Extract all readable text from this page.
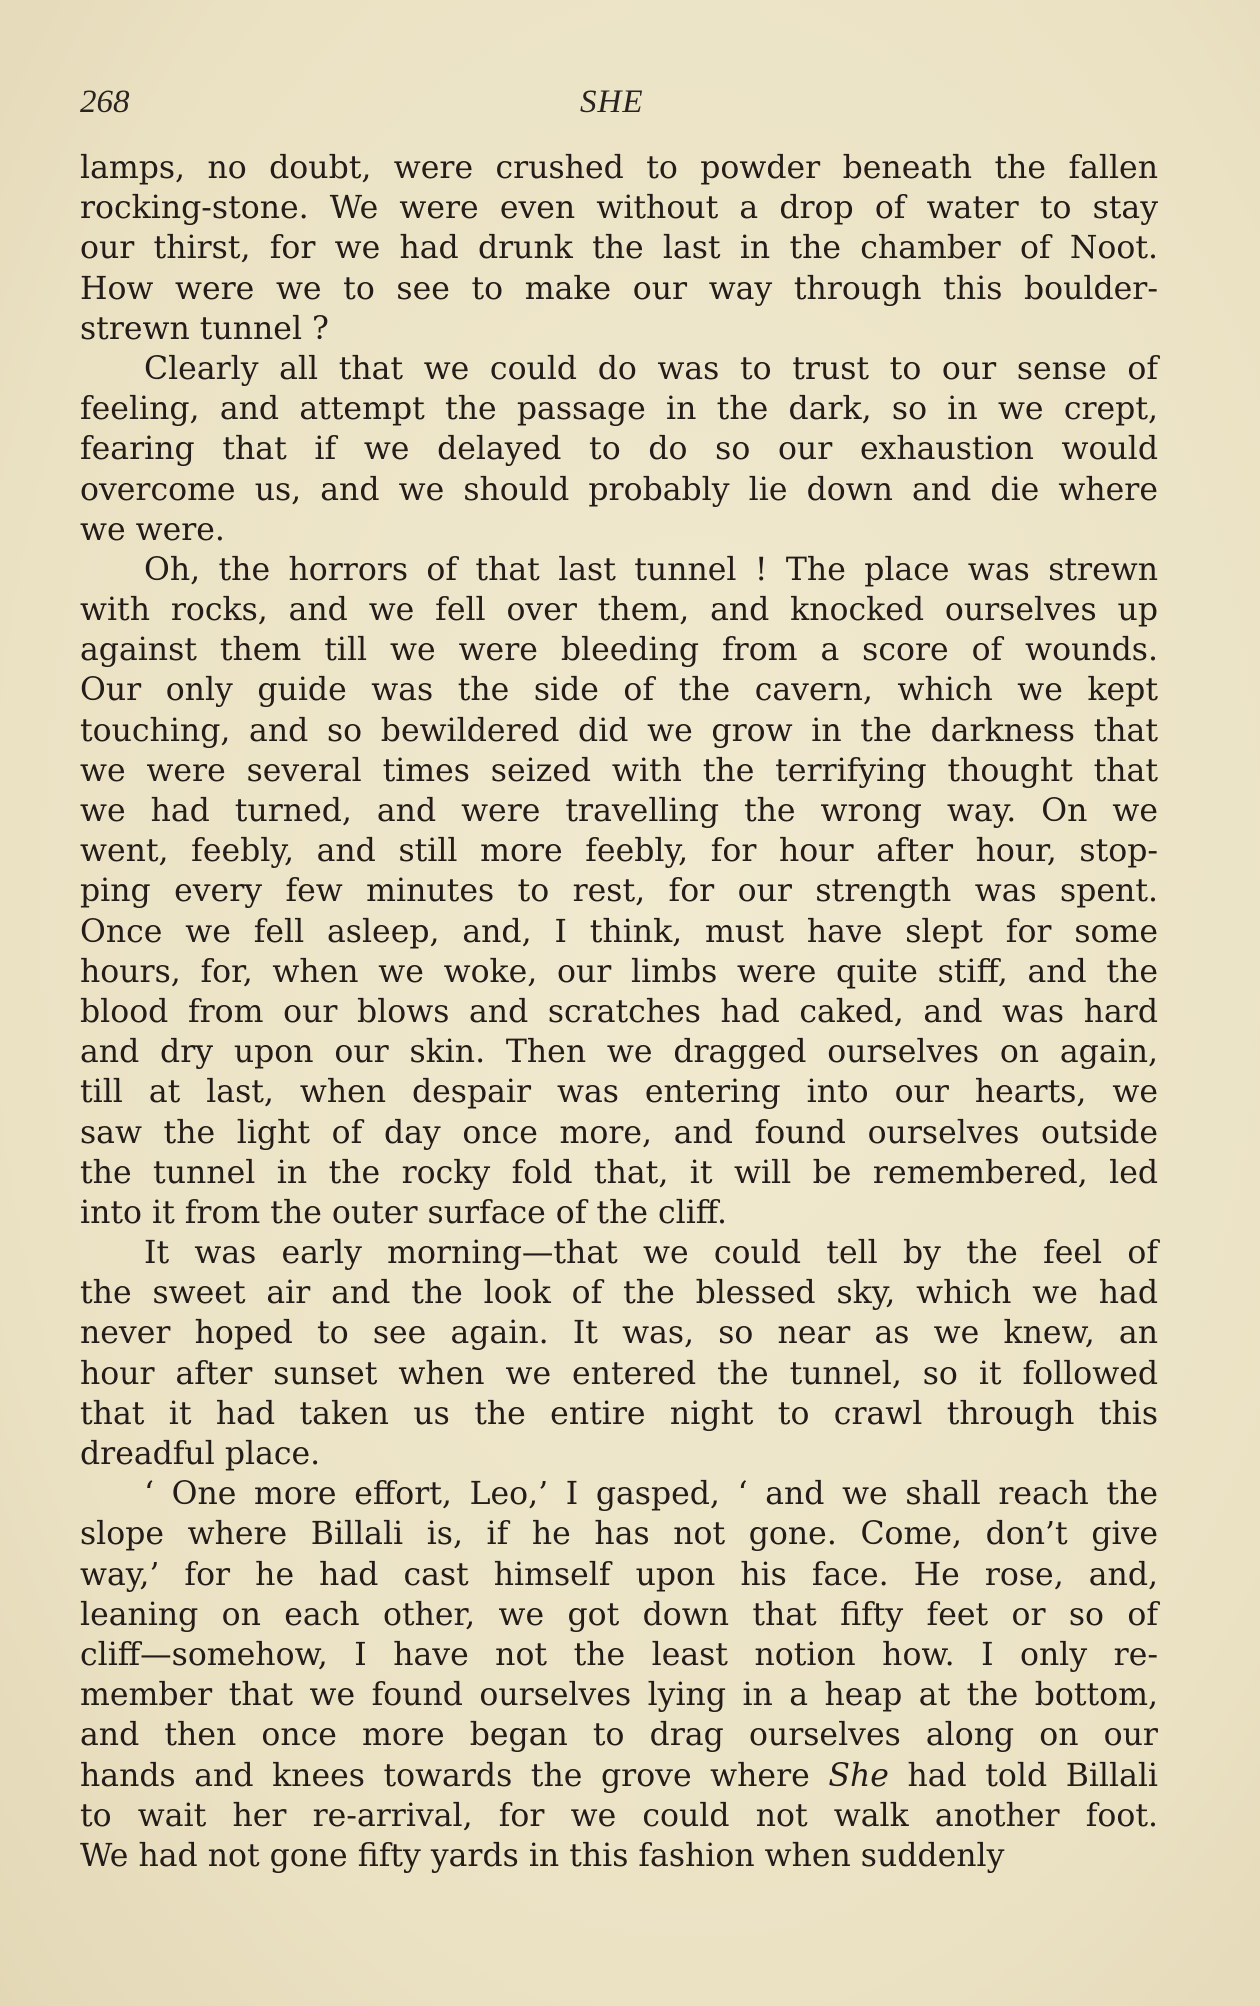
268	SHE
lamps, no doubt, were crushed to powder beneath the fallen
rocking-stone. We were even without a drop of water to stay
our thirst, for we had drunk the last in the chamber of Noot.
How were we to see to make our way through this boulder-
strewn tunnel ?
Clearly all that we could do was to trust to our sense of
feeling, and attempt the passage in the dark, so in we crept,
fearing that if we delayed to do so our exhaustion would
overcome us, and we should probably lie down and die where
we were.
Oh, the horrors of that last tunnel ! The place was strewn
with rocks, and we fell over them, and knocked ourselves up
against them till we were bleeding from a score of wounds.
Our only guide was the side of the cavern, which we kept
touching, and so bewildered did we grow in the darkness that
we were several times seized with the terrifying thought that
we had turned, and were travelling the wrong way. On we
went, feebly, and still more feebly, for hour after hour, stop-
ping every few minutes to rest, for our strength was spent.
Once we fell asleep, and, I think, must have slept for some
hours, for, when we woke, our limbs were quite stiff, and the
blood from our blows and scratches had caked, and was hard
and dry upon our skin. Then we dragged ourselves on again,
till at last, when despair was entering into our hearts, we
saw the light of day once more, and found ourselves outside
the tunnel in the rocky fold that, it will be remembered, led
into it from the outer surface of the cliff.
It was early morning—that we could tell by the feel of
the sweet air and the look of the blessed sky, which we had
never hoped to see again. It was, so near as we knew, an
hour after sunset when we entered the tunnel, so it followed
that it had taken us the entire night to crawl through this
dreadful place.
‘ One more effort, Leo,’ I gasped, ‘ and we shall reach the
slope where Billali is, if he has not gone. Come, don’t give
way,’ for he had cast himself upon his face. He rose, and,
leaning on each other, we got down that fifty feet or so of
cliff—somehow, I have not the least notion how. I only re-
member that we found ourselves lying in a heap at the bottom,
and then once more began to drag ourselves along on our
hands and knees towards the grove where She had told Billali
to wait her re-arrival, for we could not walk another foot.
We had not gone fifty yards in this fashion when suddenly
